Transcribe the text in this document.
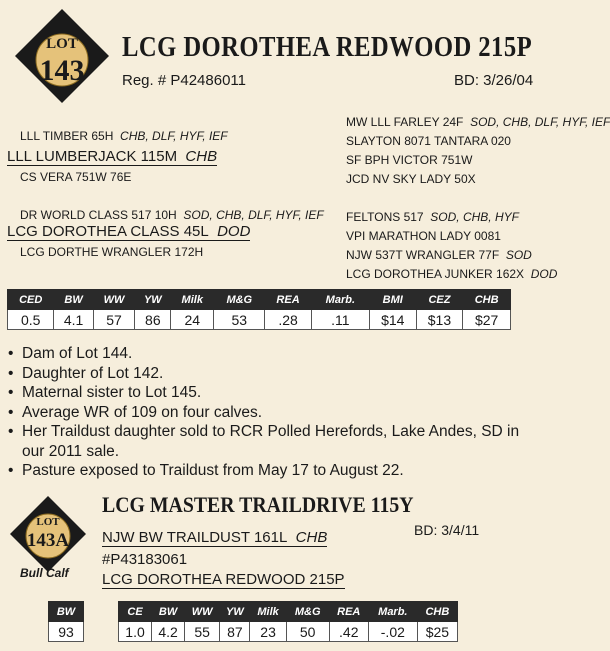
LOT
143
LCG DOROTHEA REDWOOD 215P
Reg. # P42486011	BD: 3/26/04
LLL TIMBER 65H CHB, DLF, HYF, IEF
LLL LUMBERJACK 115M CHB
CS VERA 751W 76E
DR WORLD CLASS 517 10H SOD, CHB, DLF, HYF, IEF
LCG DOROTHEA CLASS 45L DOD
LCG DORTHE WRANGLER 172H
MW LLL FARLEY 24F SOD, CHB, DLF, HYF, IEF
SLAYTON 8071 TANTARA 020
SF BPH VICTOR 751W
JCD NV SKY LADY 50X
FELTONS 517 SOD, CHB, HYF
VPI MARATHON LADY 0081
NJW 537T WRANGLER 77F SOD
LCG DOROTHEA JUNKER 162X DOD
CED	BW	WW	YW	Milk	M&G	REA	Marb.	BMI	CEZ	CHB
0.5	4.1	57	86	24	53	.28	.11	$14	$13	$27
• Dam of Lot 144.
• Daughter of Lot 142.
• Maternal sister to Lot 145.
• Average WR of 109 on four calves.
• Her Traildust daughter sold to RCR Polled Herefords, Lake Andes, SD in our 2011 sale.
• Pasture exposed to Traildust from May 17 to August 22.
LOT
143A
Bull Calf
LCG MASTER TRAILDRIVE 115Y
BD: 3/4/11
NJW BW TRAILDUST 161L CHB
#P43183061
LCG DOROTHEA REDWOOD 215P
BW
93
CE	BW	WW	YW	Milk	M&G	REA	Marb.	CHB
1.0	4.2	55	87	23	50	.42	-.02	$25
